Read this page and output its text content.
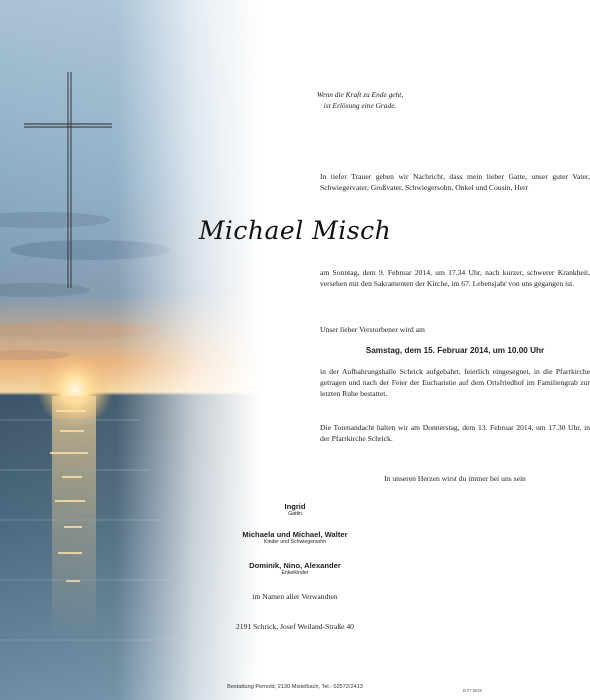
Wenn die Kraft zu Ende geht,

ist Erlösung eine Grade.

In tiefer Trauer geben wir Nachricht, dass mein lieber Gatte, unser guter Vater, Schwiegervater, Großvater, Schwiegersohn, Onkel und Cousin, Herr

Michael Misch

am Sonntag, dem 9. Februar 2014, um 17.34 Uhr, nach kurzer, schwerer Krankheit, versehen mit den Sakramenten der Kirche, im 67. Lebensjahr von uns gegangen ist.

Unser lieber Verstorbener wird am

Samstag, dem 15. Februar 2014, um 10.00 Uhr

in der Aufbahrungshalle Schrick aufgebahrt, feierlich eingesegnet, in die Pfarrkirche getragen und nach der Feier der Eucharistie auf dem Ortsfriedhof im Familiengrab zur letzten Ruhe bestattet.

Die Totenandacht halten wir am Donnerstag, dem 13. Februar 2014, um 17.30 Uhr, in der Pfarrkirche Schrick.

In unseren Herzen wirst du immer bei uns sein

Ingrid

Gattin

Michaela und Michael, Walter

Kinder und Schwiegersohn

Dominik, Nino, Alexander

Enkelkinder

im Namen aller Verwandten
2191 Schrick, Josef Weiland-Straße 40
Bestattung Pernold, 2130 Mistelbach, Tel.: 02572/2413
B 07 9045
